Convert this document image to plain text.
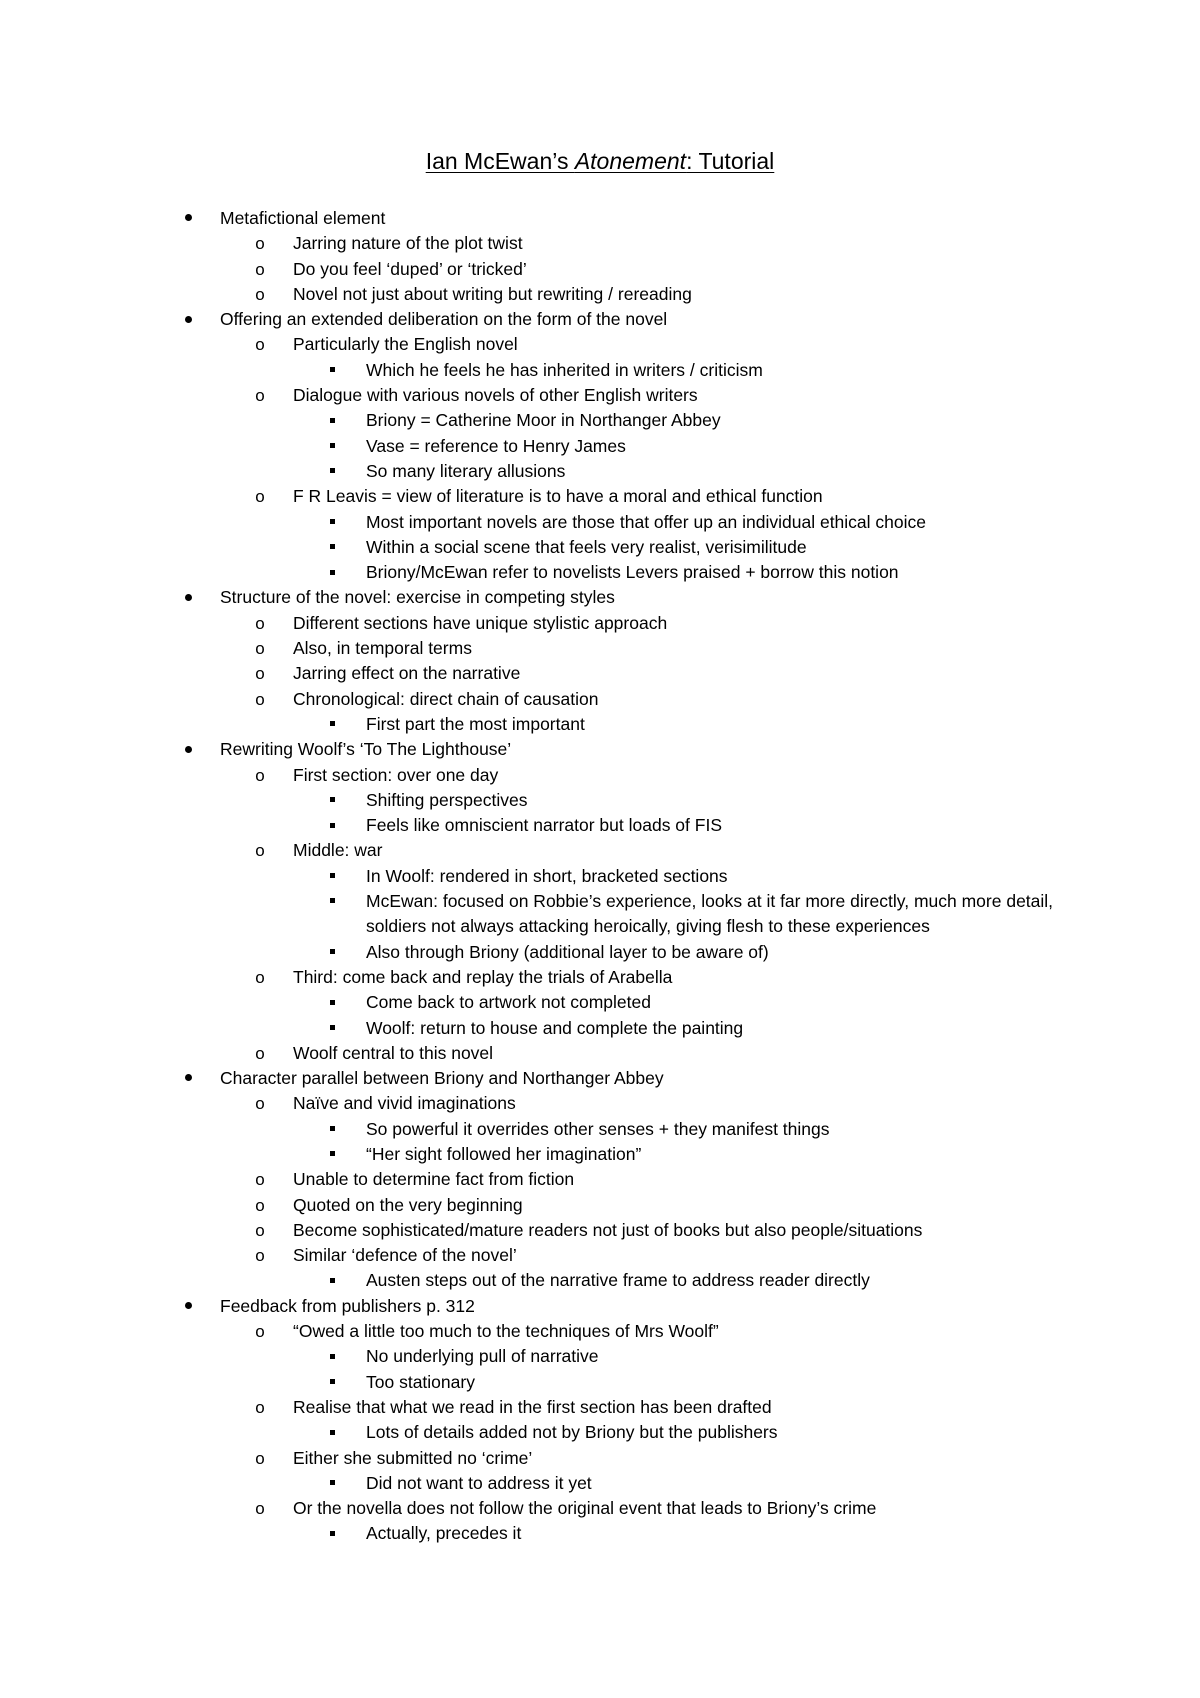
Ian McEwan’s Atonement: Tutorial
Metafictional element
o	Jarring nature of the plot twist
o	Do you feel ‘duped’ or ‘tricked’
o	Novel not just about writing but rewriting / rereading
Offering an extended deliberation on the form of the novel
o	Particularly the English novel
Which he feels he has inherited in writers / criticism
o	Dialogue with various novels of other English writers
Briony = Catherine Moor in Northanger Abbey
Vase = reference to Henry James
So many literary allusions
o	F R Leavis = view of literature is to have a moral and ethical function
Most important novels are those that offer up an individual ethical choice
Within a social scene that feels very realist, verisimilitude
Briony/McEwan refer to novelists Levers praised + borrow this notion
Structure of the novel: exercise in competing styles
o	Different sections have unique stylistic approach
o	Also, in temporal terms
o	Jarring effect on the narrative
o	Chronological: direct chain of causation
First part the most important
Rewriting Woolf’s ‘To The Lighthouse’
o	First section: over one day
Shifting perspectives
Feels like omniscient narrator but loads of FIS
o	Middle: war
In Woolf: rendered in short, bracketed sections
McEwan: focused on Robbie’s experience, looks at it far more directly, much more detail, soldiers not always attacking heroically, giving flesh to these experiences
Also through Briony (additional layer to be aware of)
o	Third: come back and replay the trials of Arabella
Come back to artwork not completed
Woolf: return to house and complete the painting
o	Woolf central to this novel
Character parallel between Briony and Northanger Abbey
o	Naïve and vivid imaginations
So powerful it overrides other senses + they manifest things
“Her sight followed her imagination”
o	Unable to determine fact from fiction
o	Quoted on the very beginning
o	Become sophisticated/mature readers not just of books but also people/situations
o	Similar ‘defence of the novel’
Austen steps out of the narrative frame to address reader directly
Feedback from publishers p. 312
o	“Owed a little too much to the techniques of Mrs Woolf”
No underlying pull of narrative
Too stationary
o	Realise that what we read in the first section has been drafted
Lots of details added not by Briony but the publishers
o	Either she submitted no ‘crime’
Did not want to address it yet
o	Or the novella does not follow the original event that leads to Briony’s crime
Actually, precedes it
